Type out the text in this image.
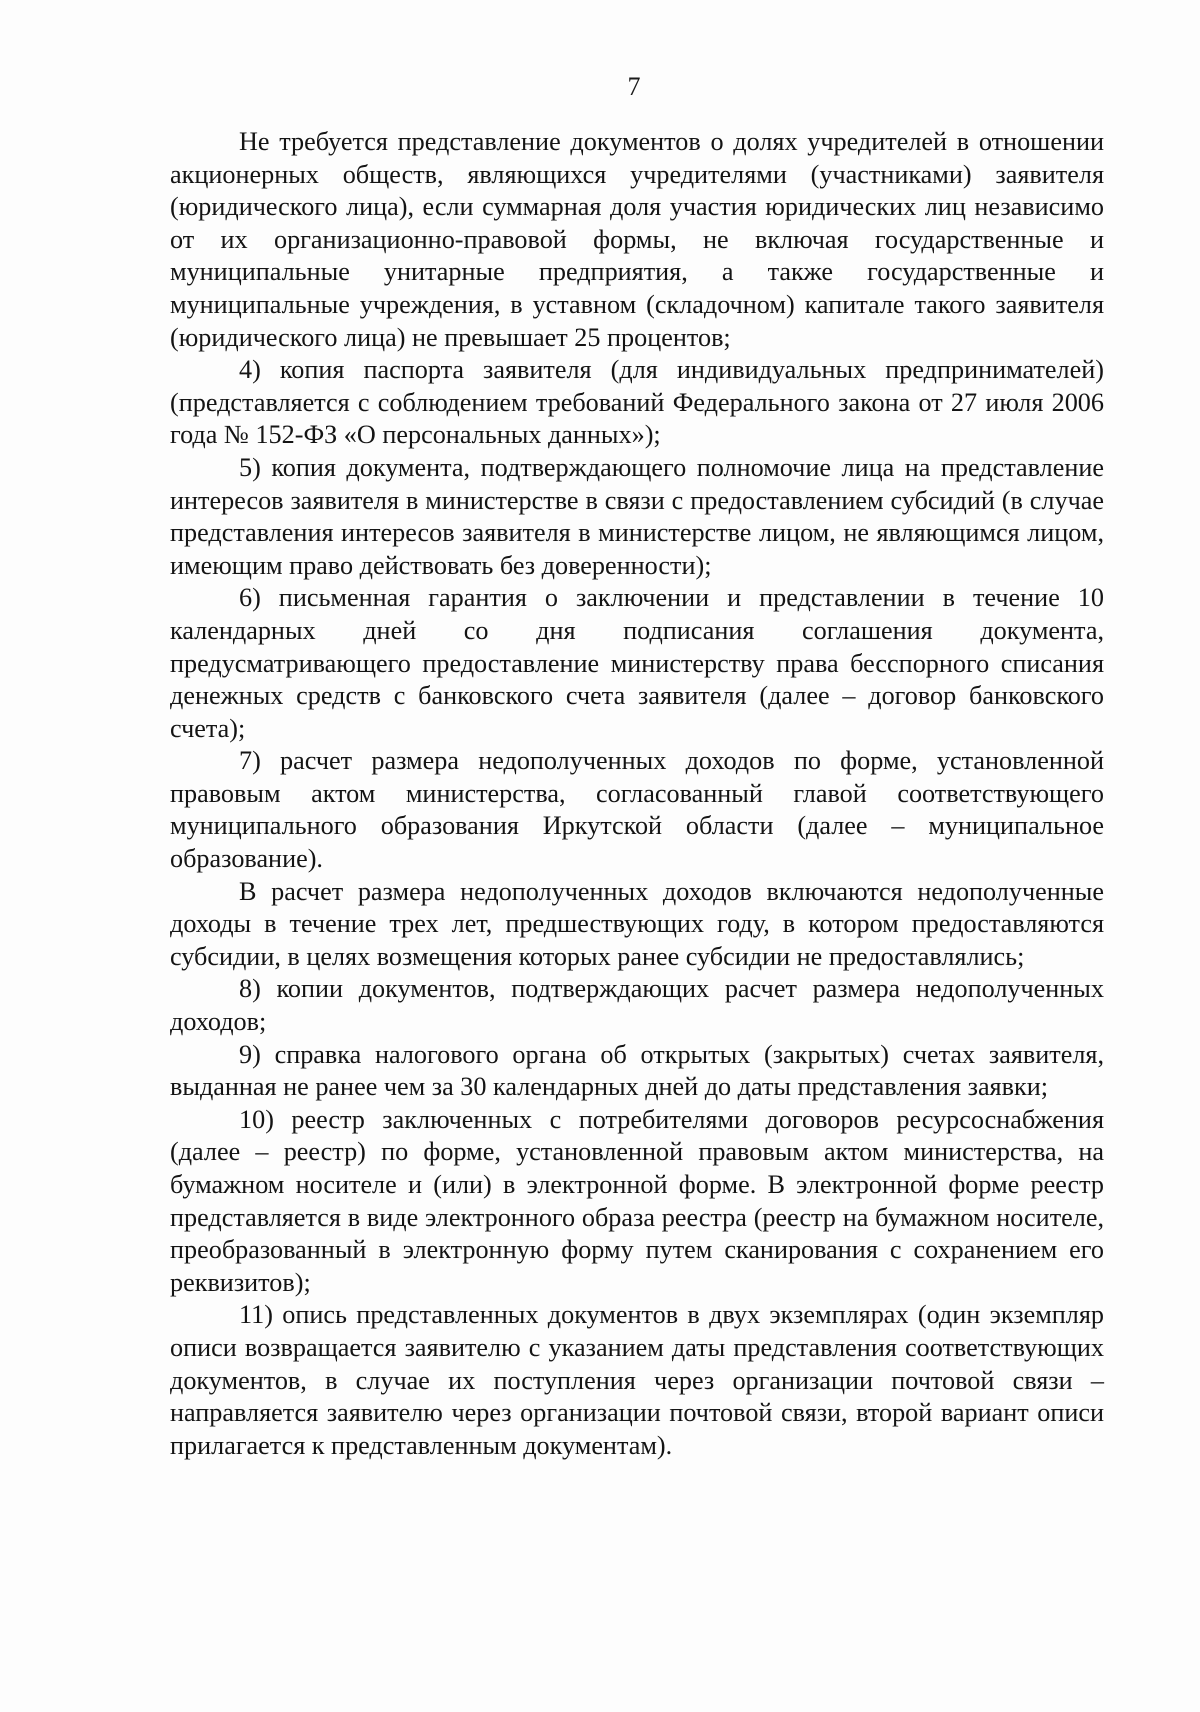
7

Не требуется представление документов о долях учредителей в отношении акционерных обществ, являющихся учредителями (участниками) заявителя (юридического лица), если суммарная доля участия юридических лиц независимо от их организационно-правовой формы, не включая государственные и муниципальные унитарные предприятия, а также государственные и муниципальные учреждения, в уставном (складочном) капитале такого заявителя (юридического лица) не превышает 25 процентов;

4) копия паспорта заявителя (для индивидуальных предпринимателей) (представляется с соблюдением требований Федерального закона от 27 июля 2006 года № 152-ФЗ «О персональных данных»);

5) копия документа, подтверждающего полномочие лица на представление интересов заявителя в министерстве в связи с предоставлением субсидий (в случае представления интересов заявителя в министерстве лицом, не являющимся лицом, имеющим право действовать без доверенности);

6) письменная гарантия о заключении и представлении в течение 10 календарных дней со дня подписания соглашения документа, предусматривающего предоставление министерству права бесспорного списания денежных средств с банковского счета заявителя (далее – договор банковского счета);

7) расчет размера недополученных доходов по форме, установленной правовым актом министерства, согласованный главой соответствующего муниципального образования Иркутской области (далее – муниципальное образование).

В расчет размера недополученных доходов включаются недополученные доходы в течение трех лет, предшествующих году, в котором предоставляются субсидии, в целях возмещения которых ранее субсидии не предоставлялись;

8) копии документов, подтверждающих расчет размера недополученных доходов;

9) справка налогового органа об открытых (закрытых) счетах заявителя, выданная не ранее чем за 30 календарных дней до даты представления заявки;

10) реестр заключенных с потребителями договоров ресурсоснабжения (далее – реестр) по форме, установленной правовым актом министерства, на бумажном носителе и (или) в электронной форме. В электронной форме реестр представляется в виде электронного образа реестра (реестр на бумажном носителе, преобразованный в электронную форму путем сканирования с сохранением его реквизитов);

11) опись представленных документов в двух экземплярах (один экземпляр описи возвращается заявителю с указанием даты представления соответствующих документов, в случае их поступления через организации почтовой связи – направляется заявителю через организации почтовой связи, второй вариант описи прилагается к представленным документам).
